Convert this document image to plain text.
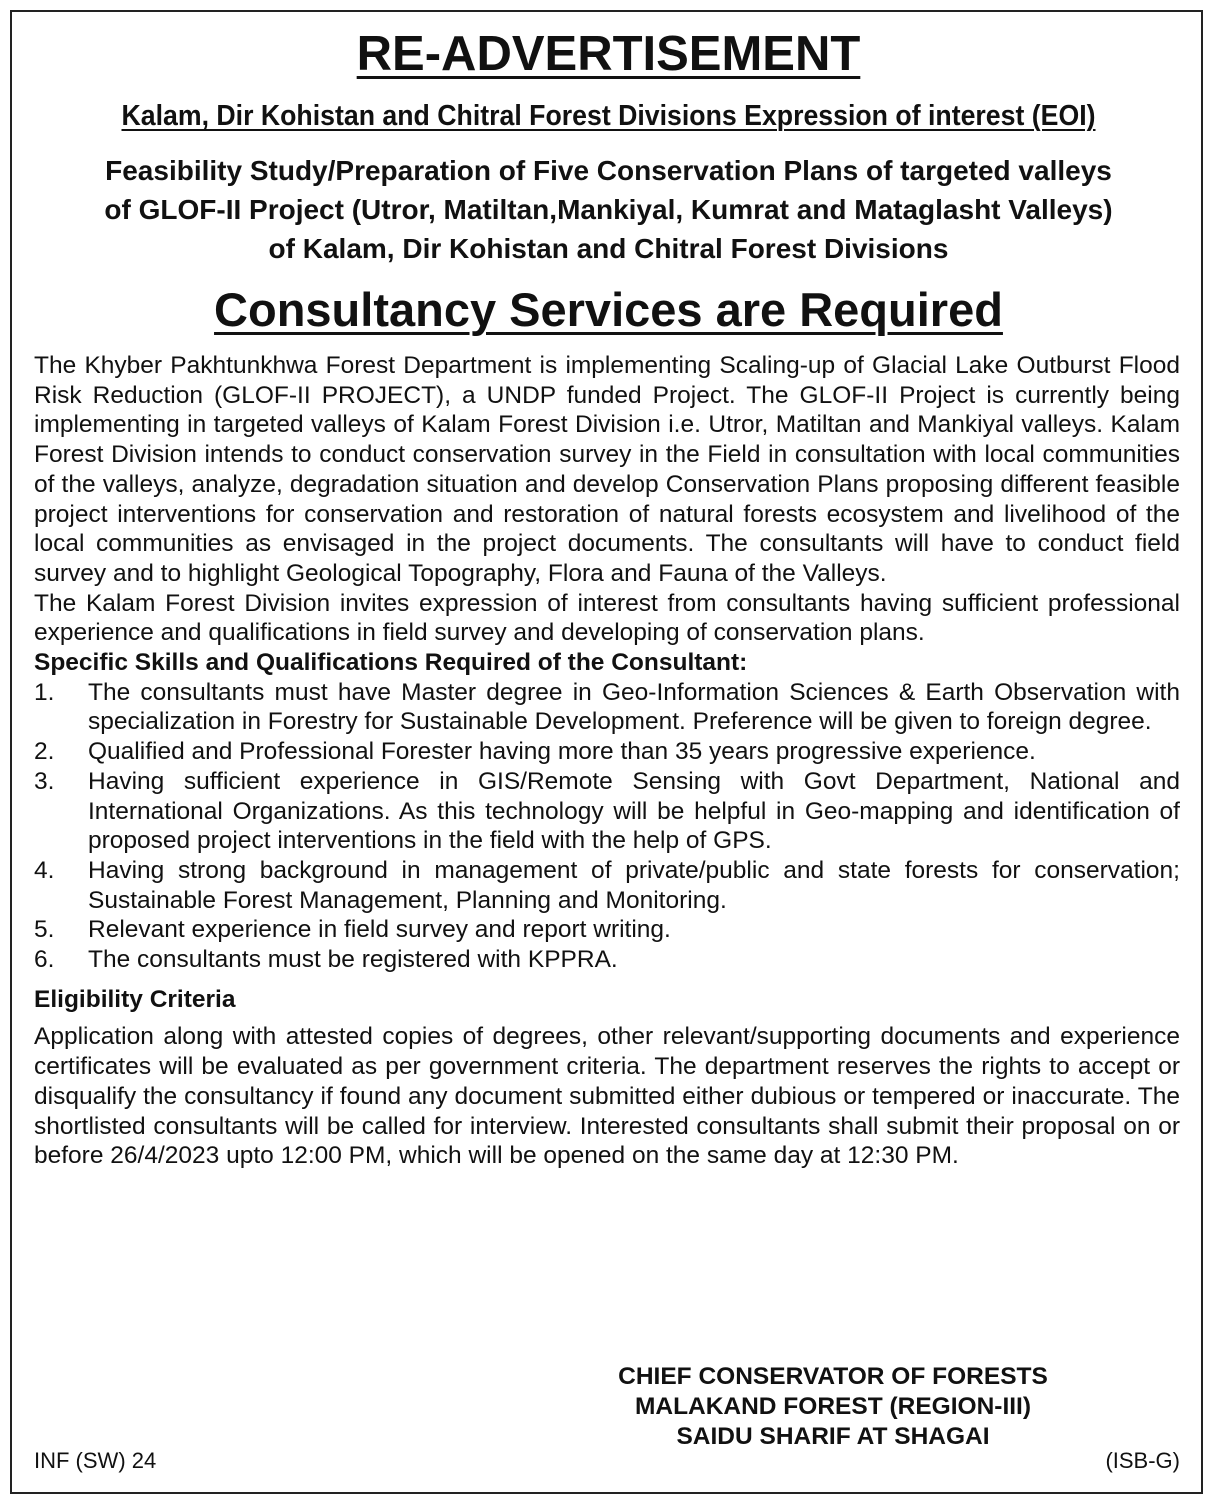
RE-ADVERTISEMENT
Kalam, Dir Kohistan and Chitral Forest Divisions Expression of interest (EOI)
Feasibility Study/Preparation of Five Conservation Plans of targeted valleys
of GLOF-II Project (Utror, Matiltan,Mankiyal, Kumrat and Mataglasht Valleys)
of Kalam, Dir Kohistan and Chitral Forest Divisions
Consultancy Services are Required

The Khyber Pakhtunkhwa Forest Department is implementing Scaling-up of Glacial Lake Outburst Flood Risk Reduction (GLOF-II PROJECT), a UNDP funded Project. The GLOF-II Project is currently being implementing in targeted valleys of Kalam Forest Division i.e. Utror, Matiltan and Mankiyal valleys. Kalam Forest Division intends to conduct conservation survey in the Field in consultation with local communities of the valleys, analyze, degradation situation and develop Conservation Plans proposing different feasible project interventions for conservation and restoration of natural forests ecosystem and livelihood of the local communities as envisaged in the project documents. The consultants will have to conduct field survey and to highlight Geological Topography, Flora and Fauna of the Valleys.

The Kalam Forest Division invites expression of interest from consultants having sufficient professional experience and qualifications in field survey and developing of conservation plans.

Specific Skills and Qualifications Required of the Consultant:

1. The consultants must have Master degree in Geo-Information Sciences & Earth Observation with specialization in Forestry for Sustainable Development. Preference will be given to foreign degree.
2. Qualified and Professional Forester having more than 35 years progressive experience.
3. Having sufficient experience in GIS/Remote Sensing with Govt Department, National and International Organizations. As this technology will be helpful in Geo-mapping and identification of proposed project interventions in the field with the help of GPS.
4. Having strong background in management of private/public and state forests for conservation; Sustainable Forest Management, Planning and Monitoring.
5. Relevant experience in field survey and report writing.
6. The consultants must be registered with KPPRA.

Eligibility Criteria

Application along with attested copies of degrees, other relevant/supporting documents and experience certificates will be evaluated as per government criteria. The department reserves the rights to accept or disqualify the consultancy if found any document submitted either dubious or tempered or inaccurate. The shortlisted consultants will be called for interview. Interested consultants shall submit their proposal on or before 26/4/2023 upto 12:00 PM, which will be opened on the same day at 12:30 PM.

CHIEF CONSERVATOR OF FORESTS
MALAKAND FOREST (REGION-III)
SAIDU SHARIF AT SHAGAI
INF (SW) 24	(ISB-G)
